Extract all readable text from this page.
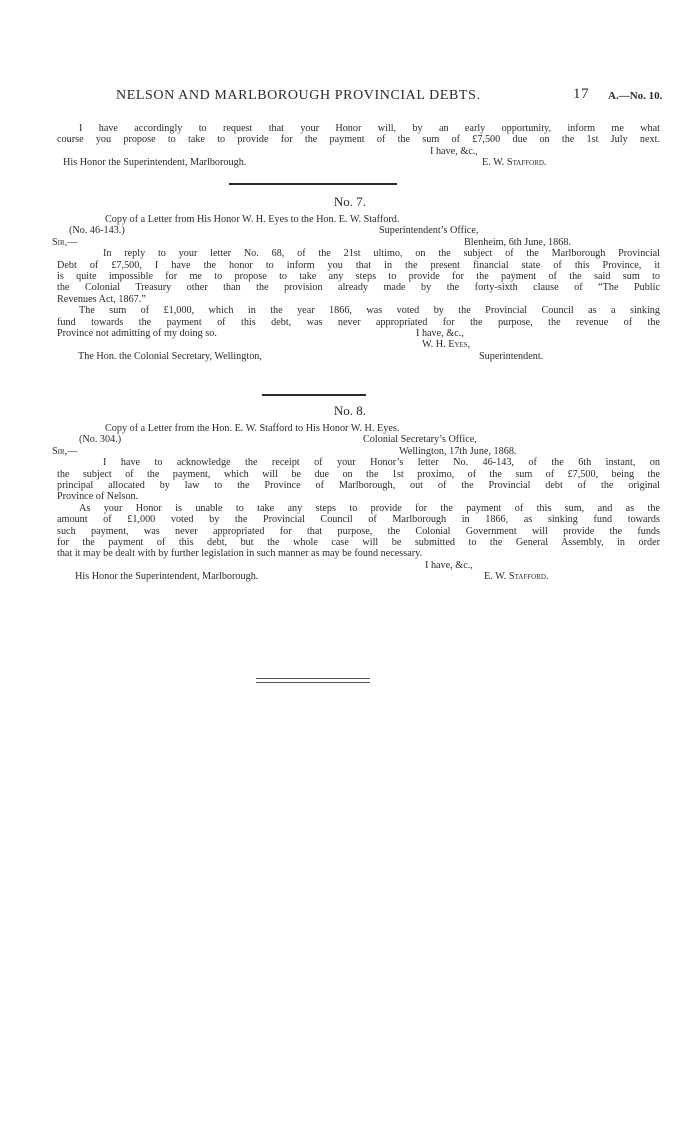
NELSON AND MARLBOROUGH PROVINCIAL DEBTS.	17 A.—No. 10.
I have accordingly to request that your Honor will, by an early opportunity, inform me what
course you propose to take to provide for the payment of the sum of £7,500 due on the 1st July next.
I have, &c.,
His Honor the Superintendent, Marlborough.	E. W. Stafford.
No. 7.
Copy of a Letter from His Honor W. H. Eyes to the Hon. E. W. Stafford.
(No. 46-143.)	Superintendent’s Office,
Sir,—	Blenheim, 6th June, 1868.
In reply to your letter No. 68, of the 21st ultimo, on the subject of the Marlborough Provincial
Debt of £7,500, I have the honor to inform you that in the present financial state of this Province, it
is quite impossible for me to propose to take any steps to provide for the payment of the said sum to
the Colonial Treasury other than the provision already made by the forty-sixth clause of “The Public
Revenues Act, 1867.”
The sum of £1,000, which in the year 1866, was voted by the Provincial Council as a sinking
fund towards the payment of this debt, was never appropriated for the purpose, the revenue of the
Province not admitting of my doing so.	I have, &c.,
W. H. Eyes,
The Hon. the Colonial Secretary, Wellington,	Superintendent.
No. 8.
Copy of a Letter from the Hon. E. W. Stafford to His Honor W. H. Eyes.
(No. 304.)	Colonial Secretary’s Office,
Sir,—	Wellington, 17th June, 1868.
I have to acknowledge the receipt of your Honor’s letter No. 46-143, of the 6th instant, on
the subject of the payment, which will be due on the 1st proximo, of the sum of £7,500, being the
principal allocated by law to the Province of Marlborough, out of the Provincial debt of the original
Province of Nelson.
As your Honor is unable to take any steps to provide for the payment of this sum, and as the
amount of £1,000 voted by the Provincial Council of Marlborough in 1866, as sinking fund towards
such payment, was never appropriated for that purpose, the Colonial Government will provide the funds
for the payment of this debt, but the whole case will be submitted to the General Assembly, in order
that it may be dealt with by further legislation in such manner as may be found necessary.
I have, &c.,
His Honor the Superintendent, Marlborough.	E. W. Stafford.
